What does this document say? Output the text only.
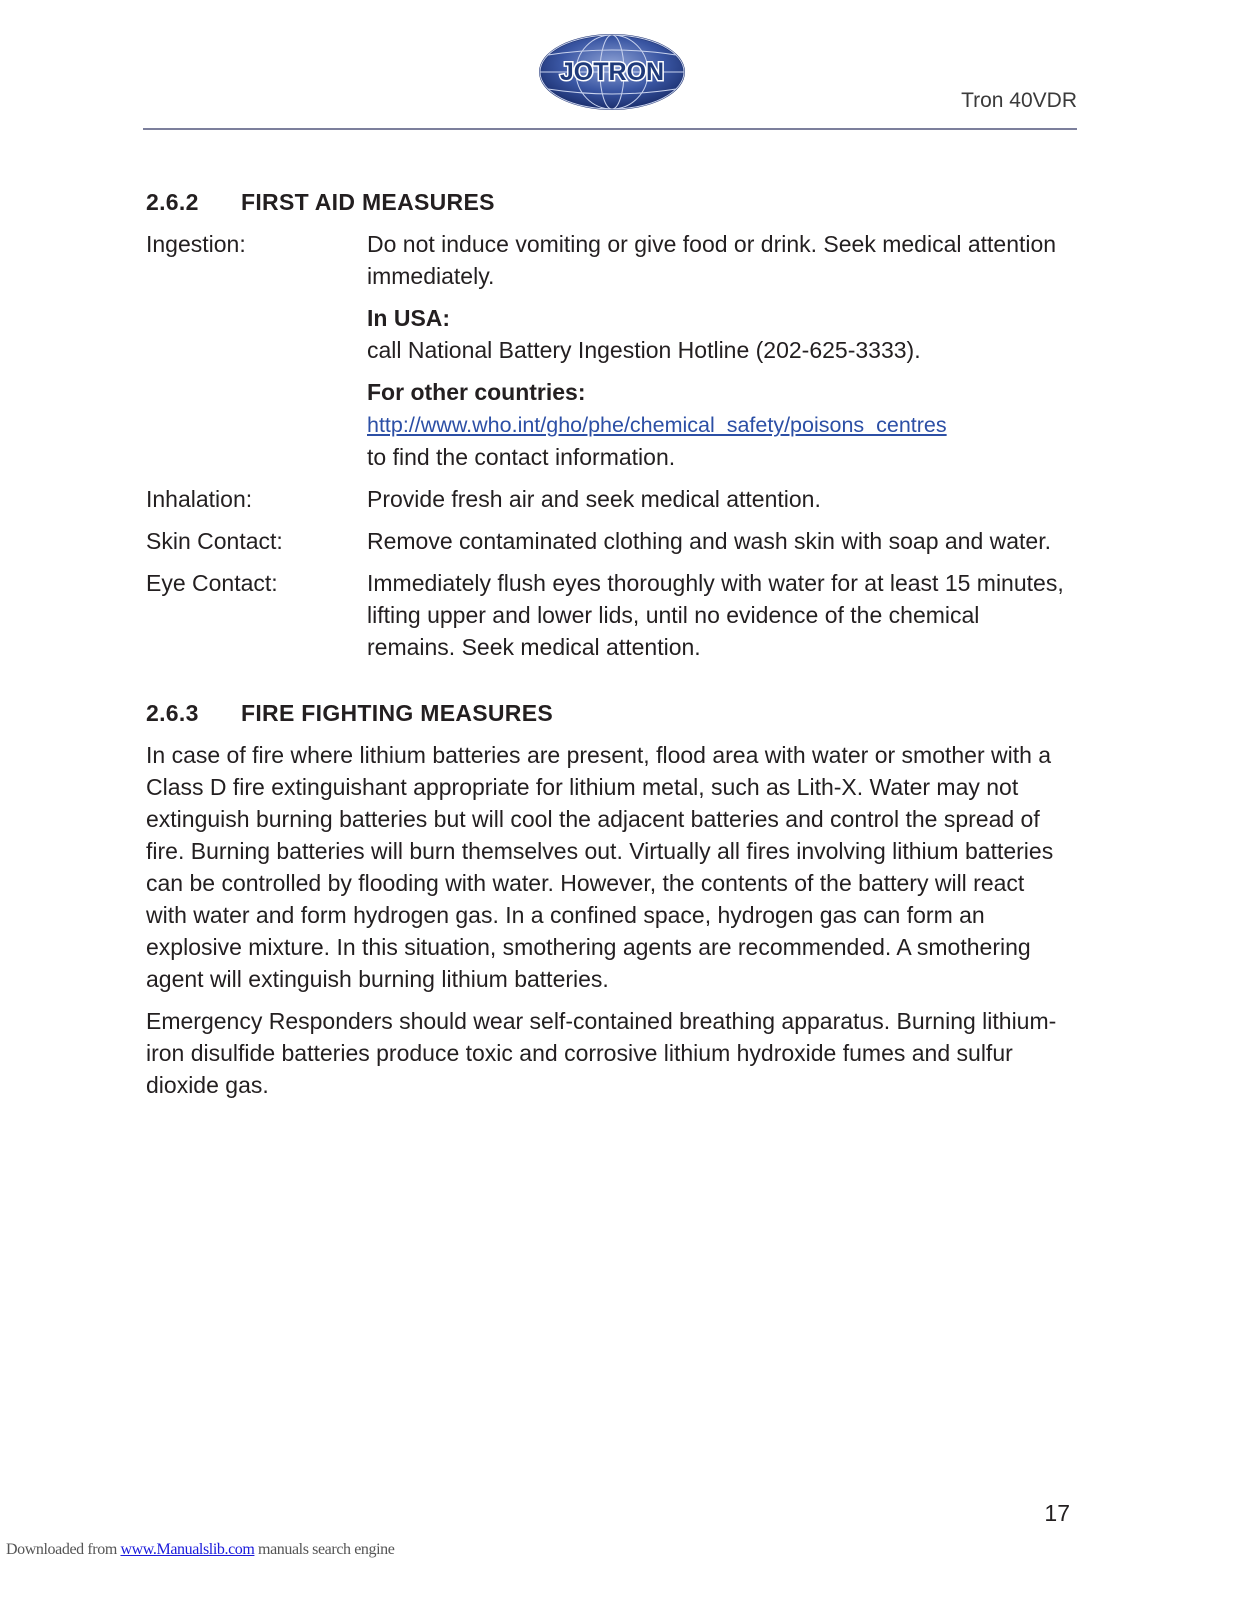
JOTRON
Tron 40VDR
2.6.2	FIRST AID MEASURES
Ingestion:	Do not induce vomiting or give food or drink. Seek medical attention immediately.
In USA:
call National Battery Ingestion Hotline (202-625-3333).
For other countries:
http://www.who.int/gho/phe/chemical_safety/poisons_centres
to find the contact information.
Inhalation:	Provide fresh air and seek medical attention.
Skin Contact:	Remove contaminated clothing and wash skin with soap and water.
Eye Contact:	Immediately flush eyes thoroughly with water for at least 15 minutes, lifting upper and lower lids, until no evidence of the chemical remains. Seek medical attention.
2.6.3	FIRE FIGHTING MEASURES

In case of fire where lithium batteries are present, flood area with water or smother with a Class D fire extinguishant appropriate for lithium metal, such as Lith-X. Water may not extinguish burning batteries but will cool the adjacent batteries and control the spread of fire. Burning batteries will burn themselves out. Virtually all fires involving lithium batteries can be controlled by flooding with water. However, the contents of the battery will react with water and form hydrogen gas. In a confined space, hydrogen gas can form an explosive mixture. In this situation, smothering agents are recommended. A smothering agent will extinguish burning lithium batteries.

Emergency Responders should wear self-contained breathing apparatus. Burning lithium-iron disulfide batteries produce toxic and corrosive lithium hydroxide fumes and sulfur dioxide gas.

17
Downloaded from www.Manualslib.com manuals search engine
